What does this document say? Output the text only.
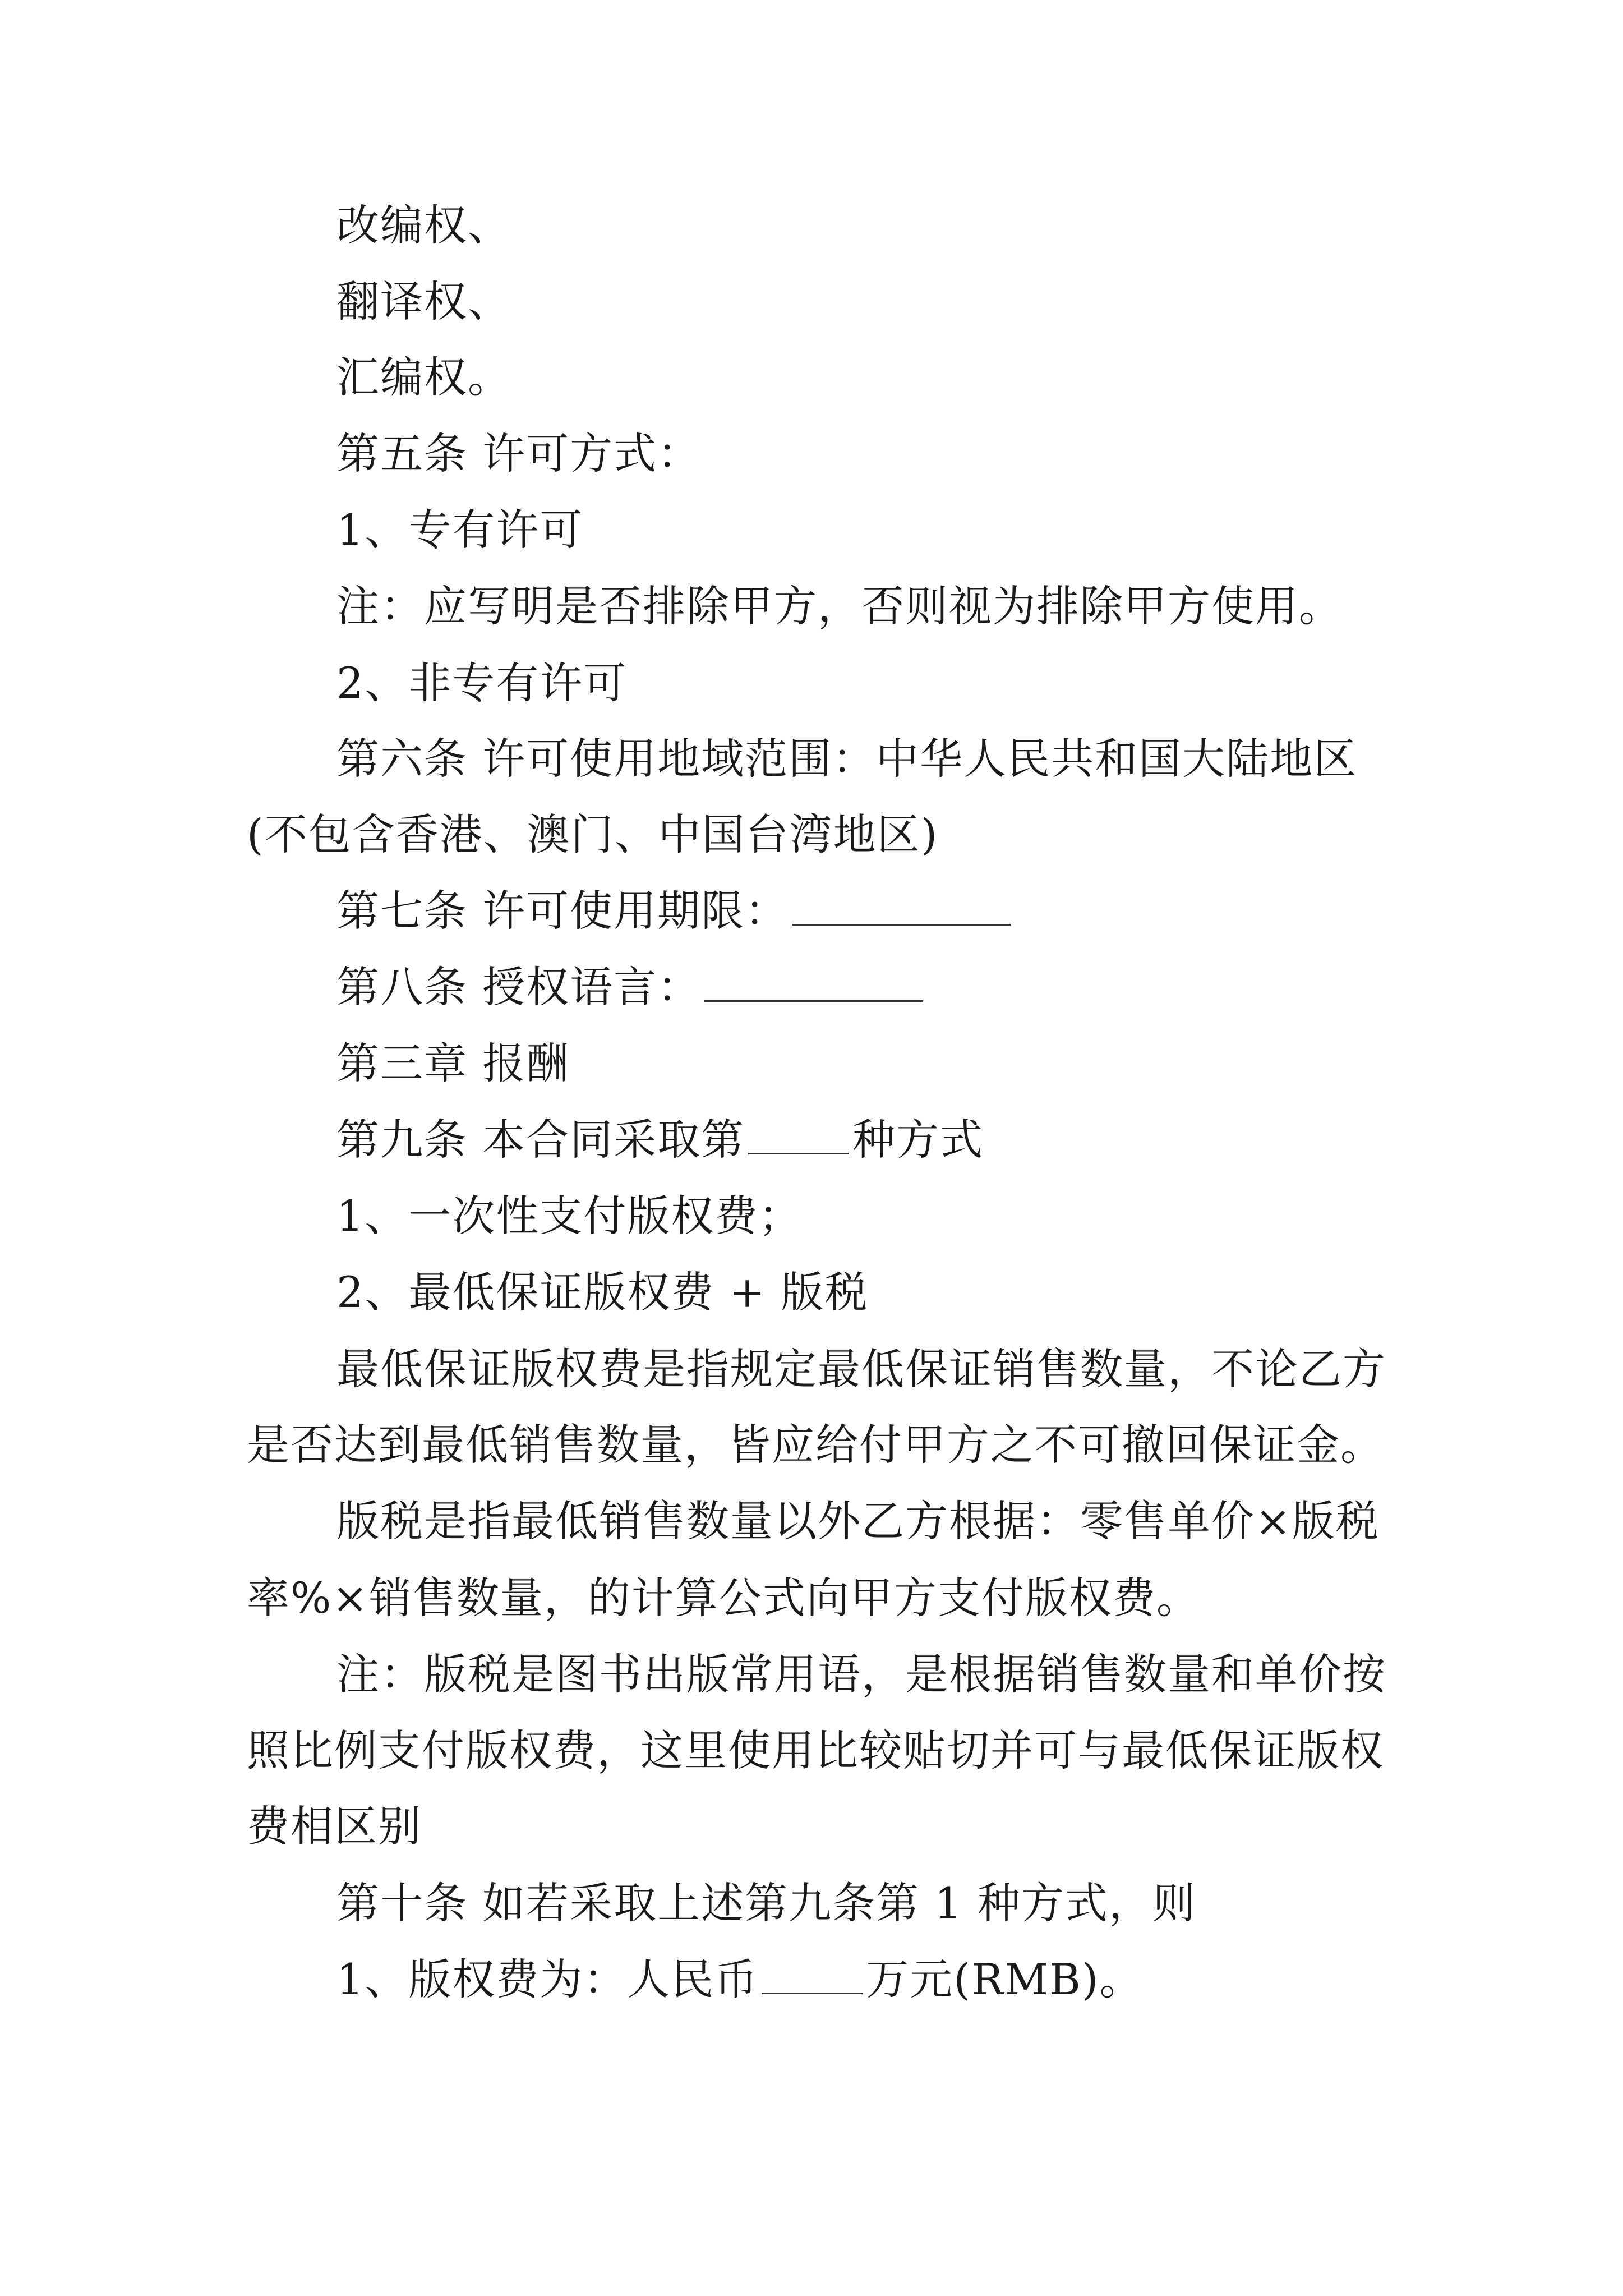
改编权、
翻译权、
汇编权。
第五条 许可方式：
1、专有许可
注：应写明是否排除甲方，否则视为排除甲方使用。
2、非专有许可
第六条 许可使用地域范围：中华人民共和国大陆地区
(不包含香港、澳门、中国台湾地区)
第七条 许可使用期限：
第八条 授权语言：
第三章 报酬
第九条 本合同采取第	种方式
1、一次性支付版权费；
2、最低保证版权费 + 版税
最低保证版权费是指规定最低保证销售数量，不论乙方
是否达到最低销售数量，皆应给付甲方之不可撤回保证金。
版税是指最低销售数量以外乙方根据：零售单价×版税
率%×销售数量，的计算公式向甲方支付版权费。
注：版税是图书出版常用语，是根据销售数量和单价按
照比例支付版权费，这里使用比较贴切并可与最低保证版权
费相区别
第十条 如若采取上述第九条第 1 种方式，则
1、版权费为：人民币	万元(RMB)。
